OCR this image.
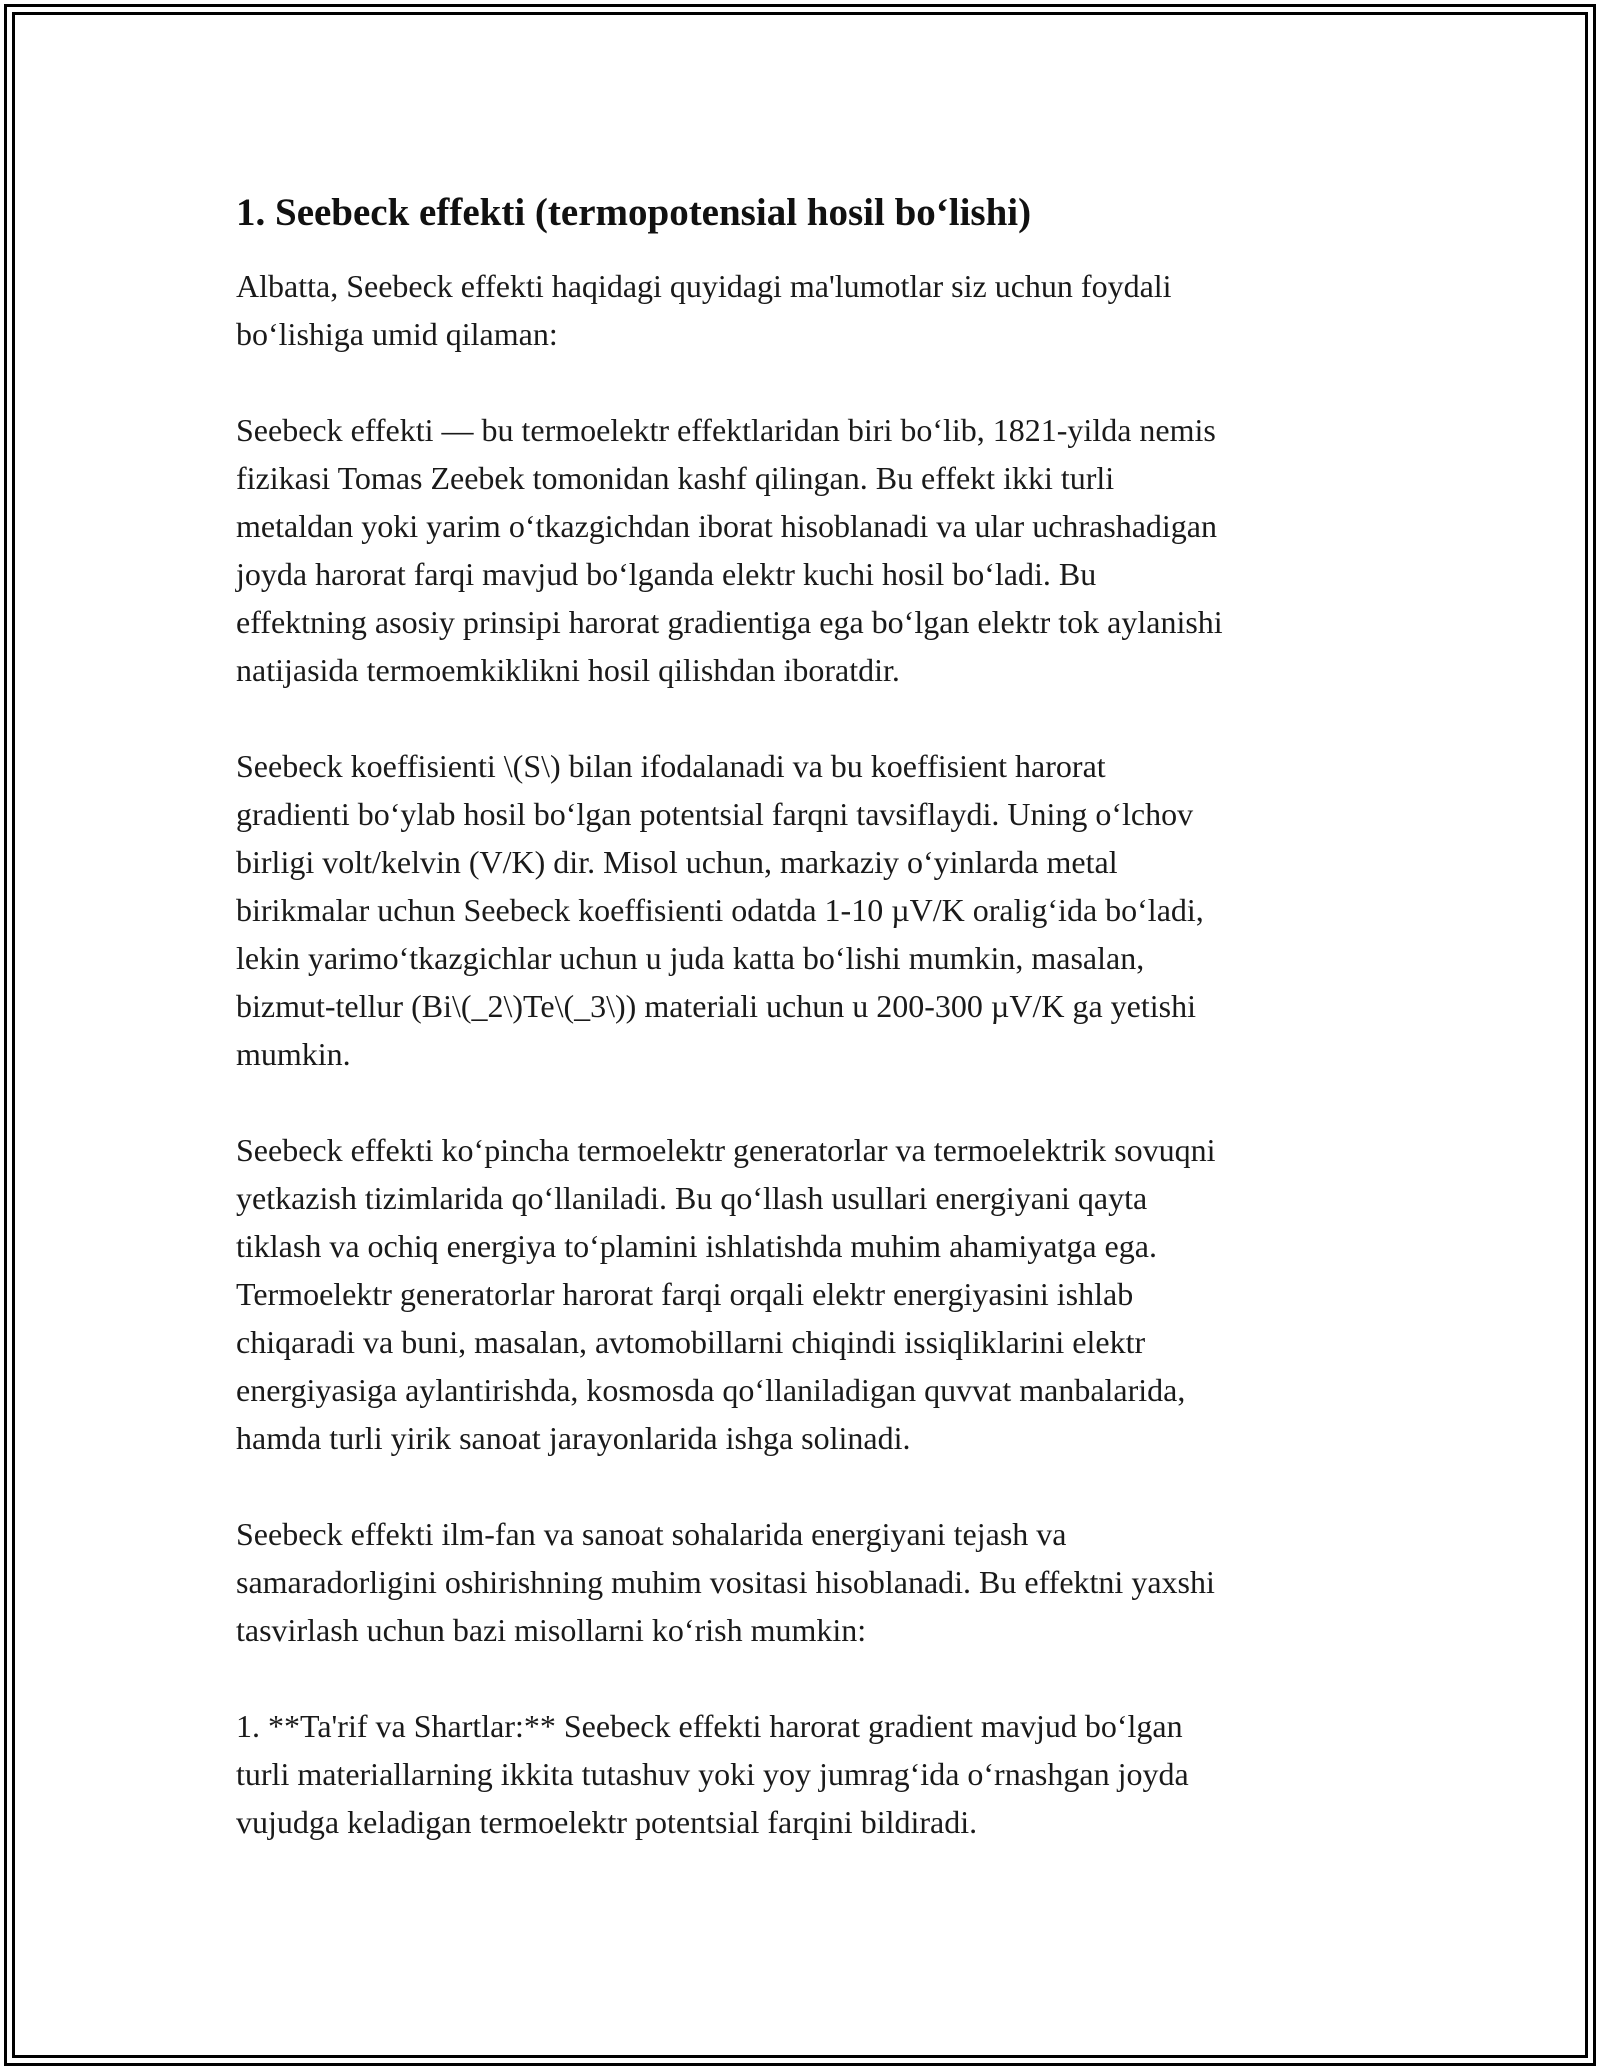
1. Seebeck effekti (termopotensial hosil bo‘lishi)

Albatta, Seebeck effekti haqidagi quyidagi ma'lumotlar siz uchun foydali
bo‘lishiga umid qilaman:

Seebeck effekti — bu termoelektr effektlaridan biri bo‘lib, 1821-yilda nemis
fizikasi Tomas Zeebek tomonidan kashf qilingan. Bu effekt ikki turli
metaldan yoki yarim o‘tkazgichdan iborat hisoblanadi va ular uchrashadigan
joyda harorat farqi mavjud bo‘lganda elektr kuchi hosil bo‘ladi. Bu
effektning asosiy prinsipi harorat gradientiga ega bo‘lgan elektr tok aylanishi
natijasida termoemkiklikni hosil qilishdan iboratdir.

Seebeck koeffisienti \(S\) bilan ifodalanadi va bu koeffisient harorat
gradienti bo‘ylab hosil bo‘lgan potentsial farqni tavsiflaydi. Uning o‘lchov
birligi volt/kelvin (V/K) dir. Misol uchun, markaziy o‘yinlarda metal
birikmalar uchun Seebeck koeffisienti odatda 1-10 µV/K oralig‘ida bo‘ladi,
lekin yarimo‘tkazgichlar uchun u juda katta bo‘lishi mumkin, masalan,
bizmut-tellur (Bi\(_2\)Te\(_3\)) materiali uchun u 200-300 µV/K ga yetishi
mumkin.

Seebeck effekti ko‘pincha termoelektr generatorlar va termoelektrik sovuqni
yetkazish tizimlarida qo‘llaniladi. Bu qo‘llash usullari energiyani qayta
tiklash va ochiq energiya to‘plamini ishlatishda muhim ahamiyatga ega.
Termoelektr generatorlar harorat farqi orqali elektr energiyasini ishlab
chiqaradi va buni, masalan, avtomobillarni chiqindi issiqliklarini elektr
energiyasiga aylantirishda, kosmosda qo‘llaniladigan quvvat manbalarida,
hamda turli yirik sanoat jarayonlarida ishga solinadi.

Seebeck effekti ilm-fan va sanoat sohalarida energiyani tejash va
samaradorligini oshirishning muhim vositasi hisoblanadi. Bu effektni yaxshi
tasvirlash uchun bazi misollarni ko‘rish mumkin:

1. **Ta'rif va Shartlar:** Seebeck effekti harorat gradient mavjud bo‘lgan
turli materiallarning ikkita tutashuv yoki yoy jumrag‘ida o‘rnashgan joyda
vujudga keladigan termoelektr potentsial farqini bildiradi.
